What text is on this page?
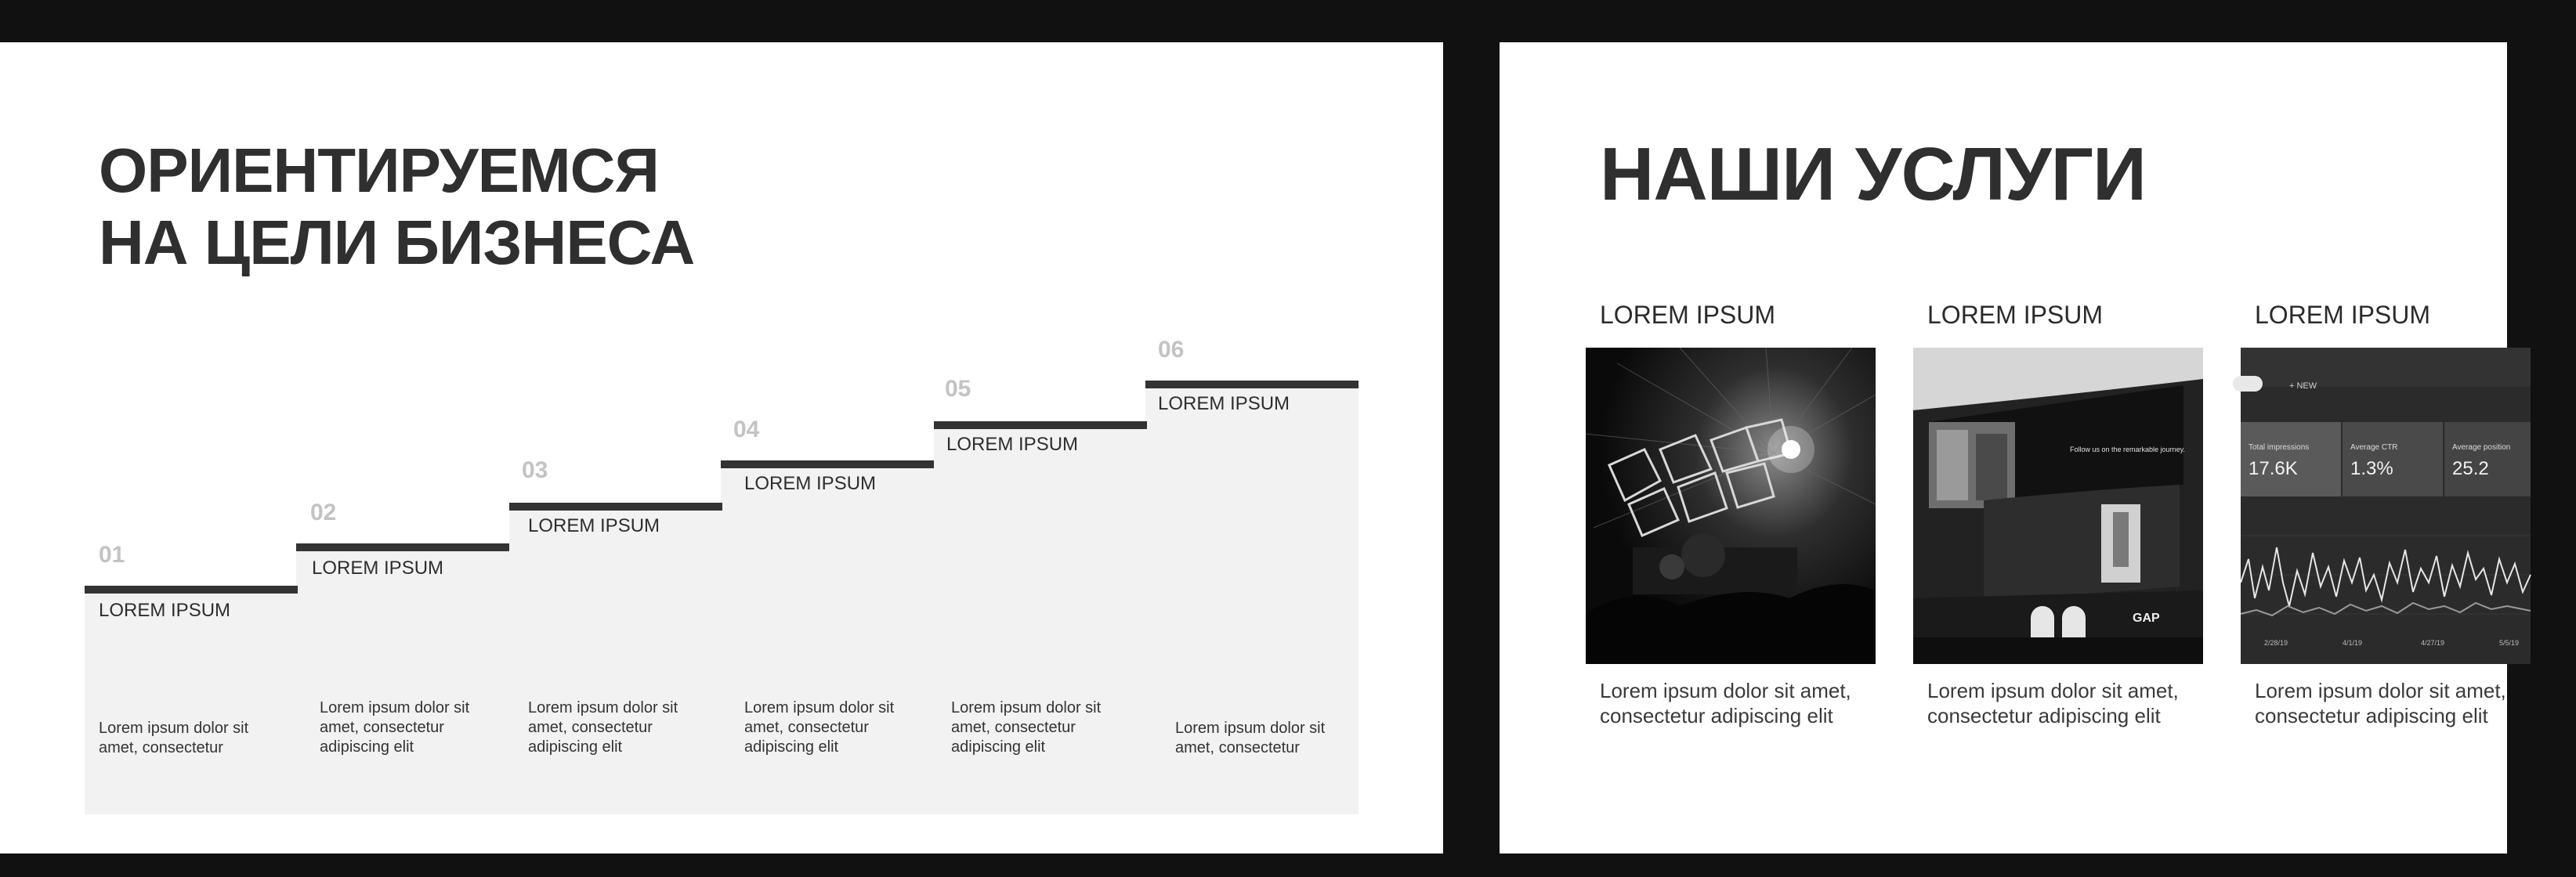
ОРИЕНТИРУЕМСЯ
НА ЦЕЛИ БИЗНЕСА
01
LOREM IPSUM
Lorem ipsum dolor sit amet, consectetur
02
LOREM IPSUM
Lorem ipsum dolor sit amet, consectetur adipiscing elit
03
LOREM IPSUM
Lorem ipsum dolor sit amet, consectetur adipiscing elit
04
LOREM IPSUM
Lorem ipsum dolor sit amet, consectetur adipiscing elit
05
LOREM IPSUM
Lorem ipsum dolor sit amet, consectetur adipiscing elit
06
LOREM IPSUM
Lorem ipsum dolor sit amet, consectetur
НАШИ УСЛУГИ
LOREM IPSUM
Lorem ipsum dolor sit amet, consectetur adipiscing elit
LOREM IPSUM
Follow us on the remarkable journey.
GAP
Lorem ipsum dolor sit amet, consectetur adipiscing elit
LOREM IPSUM
+ NEW
Total impressions
17.6K
Average CTR
1.3%
Average position
25.2
2/28/19	4/1/19	4/27/19	5/5/19
Lorem ipsum dolor sit amet, consectetur adipiscing elit
